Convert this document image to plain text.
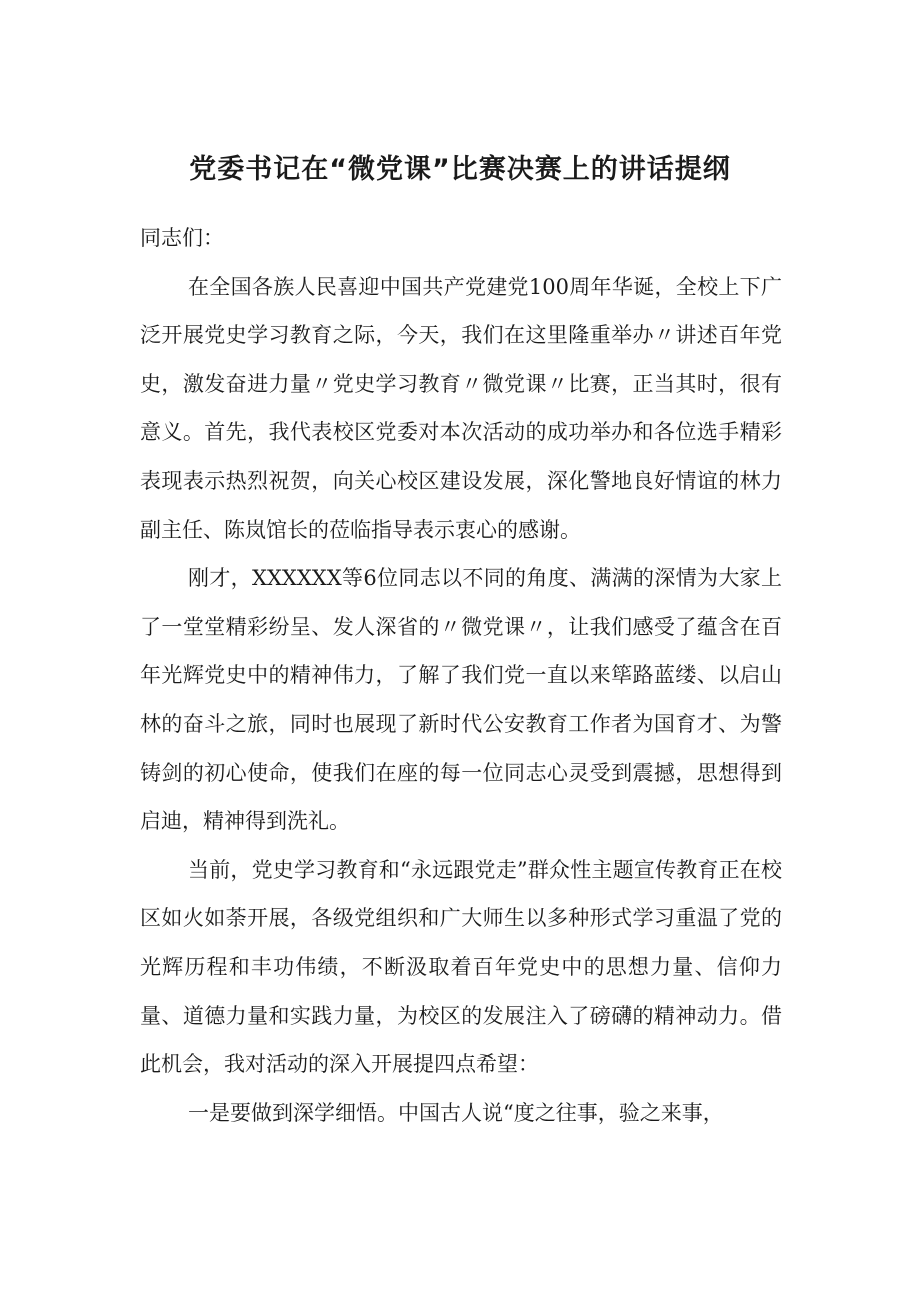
党委书记在“微党课”比赛决赛上的讲话提纲

同志们：

在全国各族人民喜迎中国共产党建党100周年华诞，全校上下广泛开展党史学习教育之际，今天，我们在这里隆重举办〃讲述百年党史，激发奋进力量〃党史学习教育〃微党课〃比赛，正当其时，很有意义。首先，我代表校区党委对本次活动的成功举办和各位选手精彩表现表示热烈祝贺，向关心校区建设发展，深化警地良好情谊的林力副主任、陈岚馆长的莅临指导表示衷心的感谢。

刚才，XXXXXX等6位同志以不同的角度、满满的深情为大家上了一堂堂精彩纷呈、发人深省的〃微党课〃，让我们感受了蕴含在百年光辉党史中的精神伟力，了解了我们党一直以来筚路蓝缕、以启山林的奋斗之旅，同时也展现了新时代公安教育工作者为国育才、为警铸剑的初心使命，使我们在座的每一位同志心灵受到震撼，思想得到启迪，精神得到洗礼。

当前，党史学习教育和“永远跟党走”群众性主题宣传教育正在校区如火如荼开展，各级党组织和广大师生以多种形式学习重温了党的光辉历程和丰功伟绩，不断汲取着百年党史中的思想力量、信仰力量、道德力量和实践力量，为校区的发展注入了磅礴的精神动力。借此机会，我对活动的深入开展提四点希望：

一是要做到深学细悟。中国古人说“度之往事，验之来事，
